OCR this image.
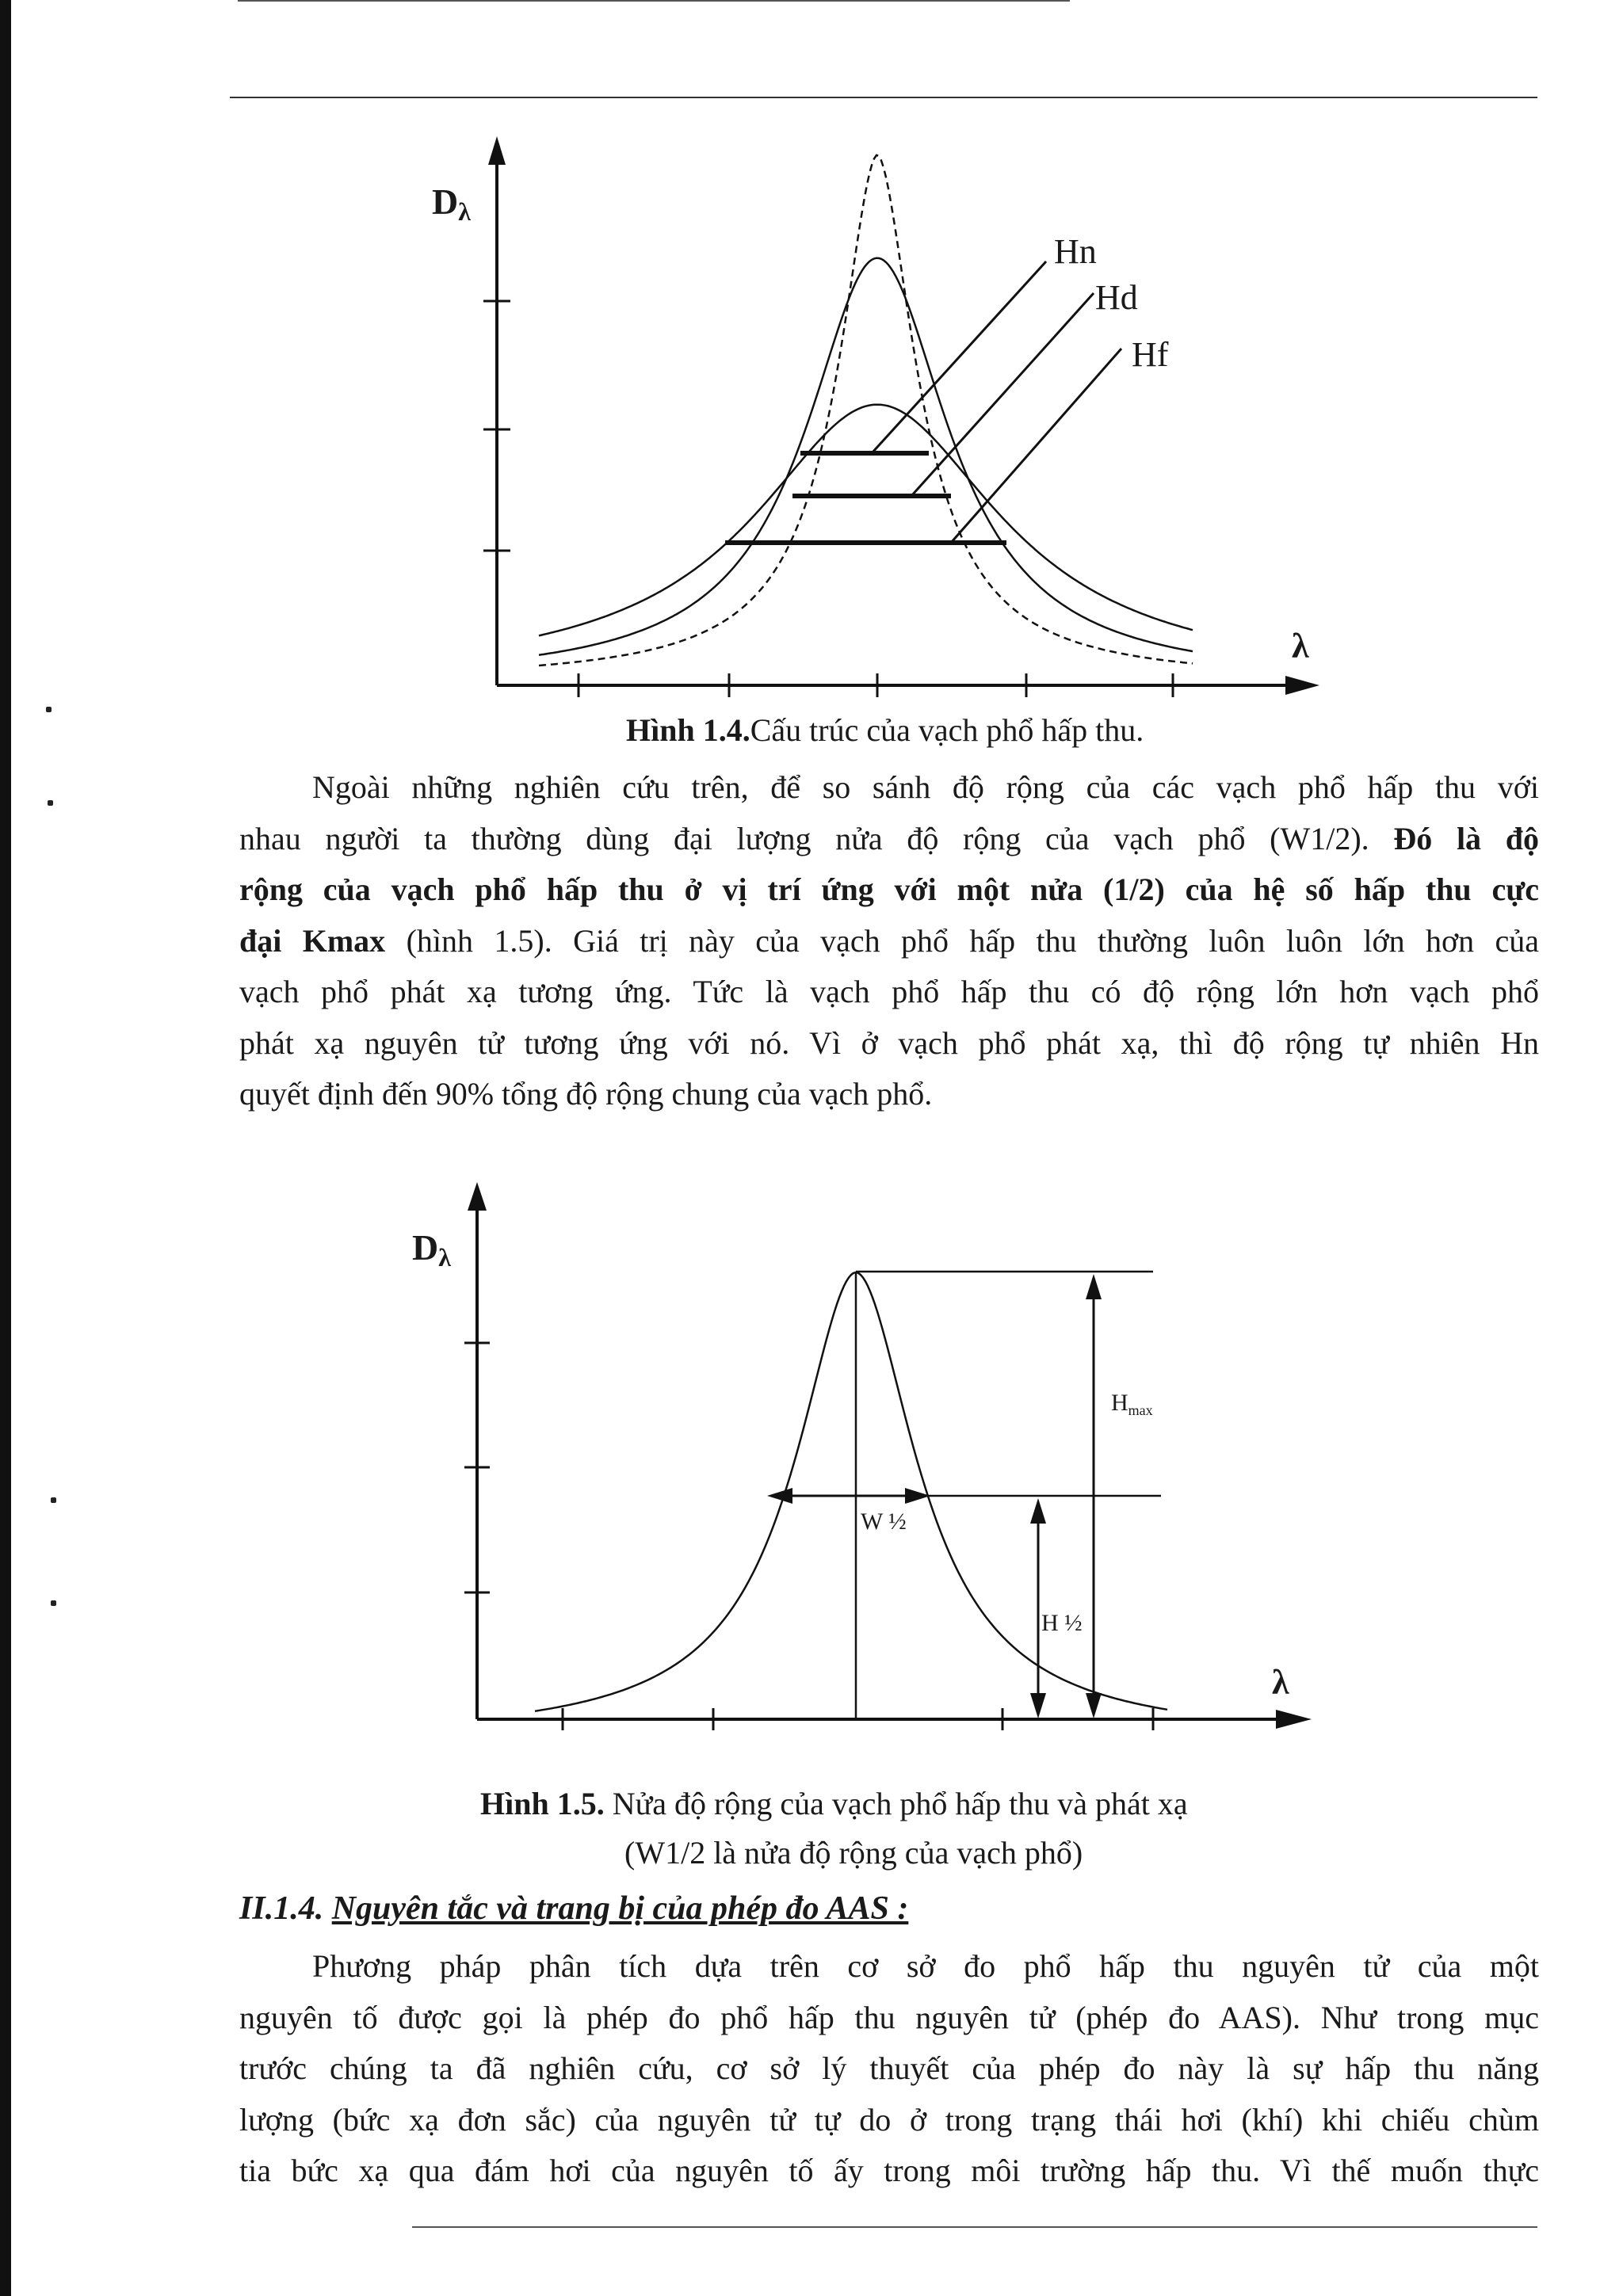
Dλ
λ
Hn
Hd
Hf
Hình 1.4.Cấu trúc của vạch phổ hấp thu.
Ngoài những nghiên cứu trên, để so sánh độ rộng của các vạch phổ hấp thu với
nhau người ta thường dùng đại lượng nửa độ rộng của vạch phổ (W1/2). Đó là độ
rộng của vạch phổ hấp thu ở vị trí ứng với một nửa (1/2) của hệ số hấp thu cực
đại Kmax (hình 1.5). Giá trị này của vạch phổ hấp thu thường luôn luôn lớn hơn của
vạch phổ phát xạ tương ứng. Tức là vạch phổ hấp thu có độ rộng lớn hơn vạch phổ
phát xạ nguyên tử tương ứng với nó. Vì ở vạch phổ phát xạ, thì độ rộng tự nhiên Hn
quyết định đến 90% tổng độ rộng chung của vạch phổ.
Dλ
λ
$H_{max}$
W ½
H ½
Hình 1.5. Nửa độ rộng của vạch phổ hấp thu và phát xạ
(W1/2 là nửa độ rộng của vạch phổ)
II.1.4. Nguyên tắc và trang bị của phép đo AAS :
Phương pháp phân tích dựa trên cơ sở đo phổ hấp thu nguyên tử của một
nguyên tố được gọi là phép đo phổ hấp thu nguyên tử (phép đo AAS). Như trong mục
trước chúng ta đã nghiên cứu, cơ sở lý thuyết của phép đo này là sự hấp thu năng
lượng (bức xạ đơn sắc) của nguyên tử tự do ở trong trạng thái hơi (khí) khi chiếu chùm
tia bức xạ qua đám hơi của nguyên tố ấy trong môi trường hấp thu. Vì thế muốn thực
